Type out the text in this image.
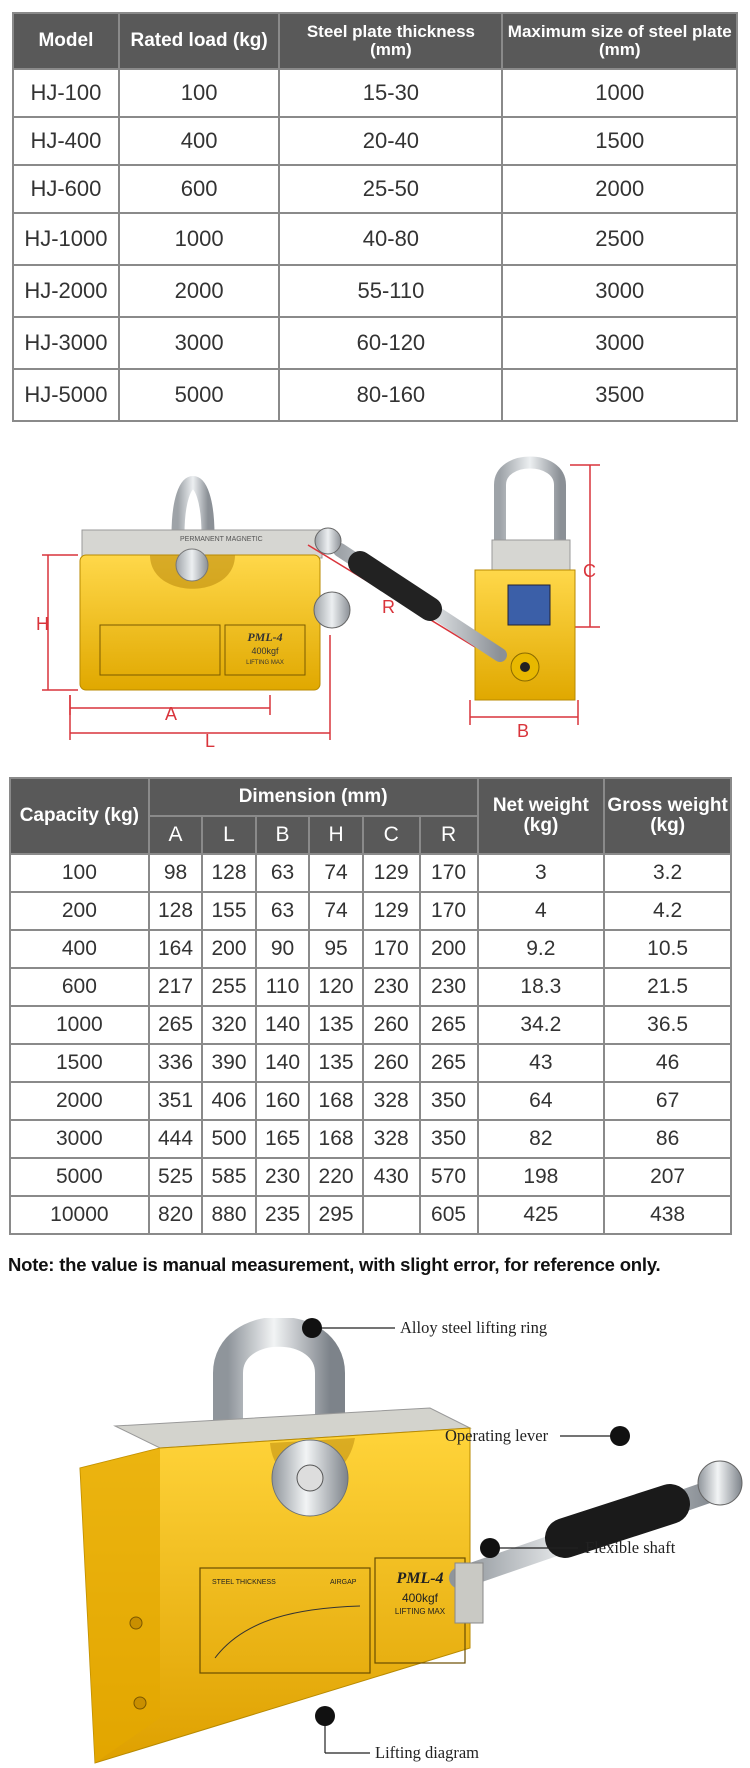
Model	Rated load (kg)	Steel plate thickness
(mm)	Maximum size of steel plate
(mm)
HJ-100	100	15-30	1000
HJ-400	400	20-40	1500
HJ-600	600	25-50	2000
HJ-1000	1000	40-80	2500
HJ-2000	2000	55-110	3000
HJ-3000	3000	60-120	3000
HJ-5000	5000	80-160	3500
PML-4
400kgf
LIFTING MAX
PERMANENT MAGNETIC
H
A
L
R
B
C
Capacity (kg)	Dimension (mm)						Net weight
(kg)	Gross weight
(kg)
	A	L	B	H	C	R		
100	98	128	63	74	129	170	3	3.2
200	128	155	63	74	129	170	4	4.2
400	164	200	90	95	170	200	9.2	10.5
600	217	255	110	120	230	230	18.3	21.5
1000	265	320	140	135	260	265	34.2	36.5
1500	336	390	140	135	260	265	43	46
2000	351	406	160	168	328	350	64	67
3000	444	500	165	168	328	350	82	86
5000	525	585	230	220	430	570	198	207
10000	820	880	235	295		605	425	438
Note: the value is manual measurement, with slight error, for reference only.
PML-4
400kgf
LIFTING MAX
STEEL THICKNESS	AIRGAP
Alloy steel lifting ring
Operating lever
Flexible shaft
Lifting diagram
